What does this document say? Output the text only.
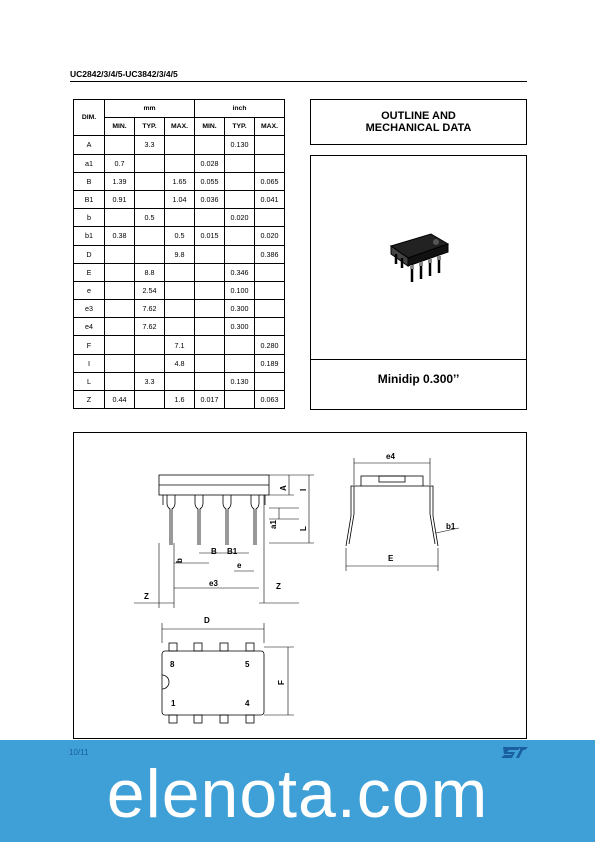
UC2842/3/4/5-UC3842/3/4/5
DIM.	mm			inch		
	MIN.	TYP.	MAX.	MIN.	TYP.	MAX.
A		3.3			0.130	
a1	0.7			0.028		
B	1.39		1.65	0.055		0.065
B1	0.91		1.04	0.036		0.041
b		0.5			0.020	
b1	0.38		0.5	0.015		0.020
D			9.8			0.386
E		8.8			0.346	
e		2.54			0.100	
e3		7.62			0.300	
e4		7.62			0.300	
F			7.1			0.280
I			4.8			0.189
L		3.3			0.130	
Z	0.44		1.6	0.017		0.063
OUTLINE AND
MECHANICAL DATA
Minidip 0.300’’
A I
a1	L
b
B B1
e
e3
Z
Z
e4
E
b1
D
F
8	5
1	4
10/11
elenota.com
